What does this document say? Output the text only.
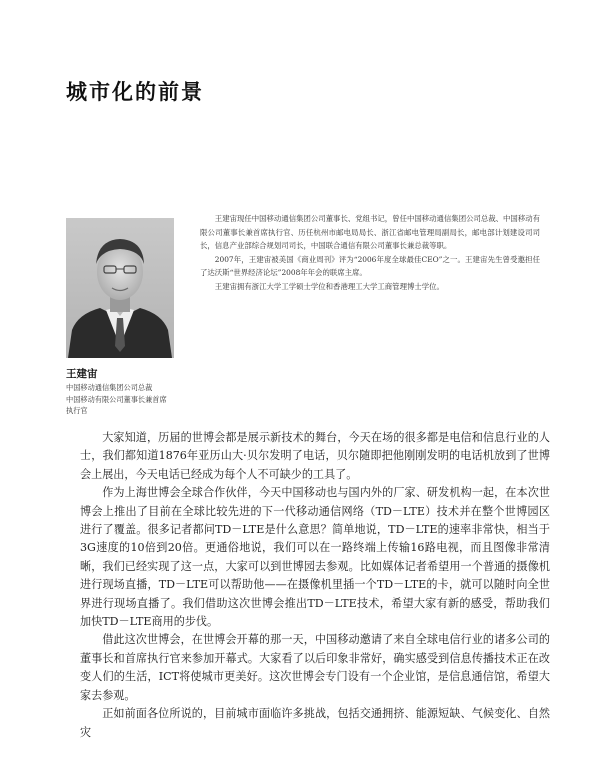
城市化的前景

王建宙现任中国移动通信集团公司董事长、党组书记，曾任中国移动通信集团公司总裁、中国移动有限公司董事长兼首席执行官、历任杭州市邮电局局长、浙江省邮电管理局副局长，邮电部计划建设司司长，信息产业部综合规划司司长，中国联合通信有限公司董事长兼总裁等职。

2007年，王建宙被美国《商业周刊》评为“2006年度全球最佳CEO”之一。王建宙先生曾受邀担任了达沃斯“世界经济论坛”2008年年会的联席主席。

王建宙拥有浙江大学工学硕士学位和香港理工大学工商管理博士学位。

王建宙
中国移动通信集团公司总裁
中国移动有限公司董事长兼首席
执行官

大家知道，历届的世博会都是展示新技术的舞台，今天在场的很多都是电信和信息行业的人士，我们都知道1876年亚历山大·贝尔发明了电话，贝尔随即把他刚刚发明的电话机放到了世博会上展出，今天电话已经成为每个人不可缺少的工具了。

作为上海世博会全球合作伙伴，今天中国移动也与国内外的厂家、研发机构一起，在本次世博会上推出了目前在全球比较先进的下一代移动通信网络（TD－LTE）技术并在整个世博园区进行了覆盖。很多记者都问TD－LTE是什么意思？简单地说，TD－LTE的速率非常快，相当于3G速度的10倍到20倍。更通俗地说，我们可以在一路终端上传输16路电视，而且图像非常清晰，我们已经实现了这一点，大家可以到世博园去参观。比如媒体记者希望用一个普通的摄像机进行现场直播，TD－LTE可以帮助他——在摄像机里插一个TD－LTE的卡，就可以随时向全世界进行现场直播了。我们借助这次世博会推出TD－LTE技术，希望大家有新的感受，帮助我们加快TD－LTE商用的步伐。

借此这次世博会，在世博会开幕的那一天，中国移动邀请了来自全球电信行业的诸多公司的董事长和首席执行官来参加开幕式。大家看了以后印象非常好，确实感受到信息传播技术正在改变人们的生活，ICT将使城市更美好。这次世博会专门设有一个企业馆，是信息通信馆，希望大家去参观。

正如前面各位所说的，目前城市面临许多挑战，包括交通拥挤、能源短缺、气候变化、自然灾
